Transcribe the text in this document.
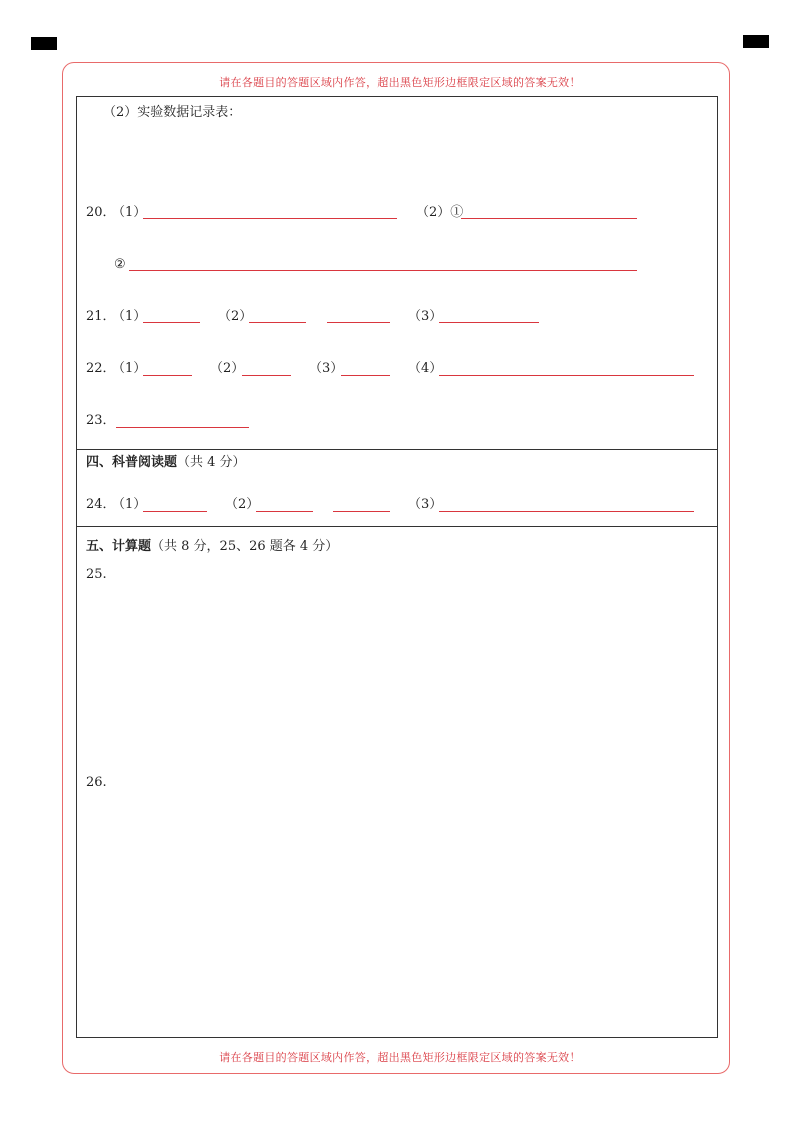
请在各题目的答题区域内作答，超出黑色矩形边框限定区域的答案无效！
请在各题目的答题区域内作答，超出黑色矩形边框限定区域的答案无效！
（2）实验数据记录表：
20．
（1）	（2）①
②
21．
（1）	（2）	（3）
22．
（1）	（2）	（3）	（4）
23．
四、科普阅读题（共 4 分）
24．
（1）	（2）	（3）
五、计算题（共 8 分，25、26 题各 4 分）
25.
26.
